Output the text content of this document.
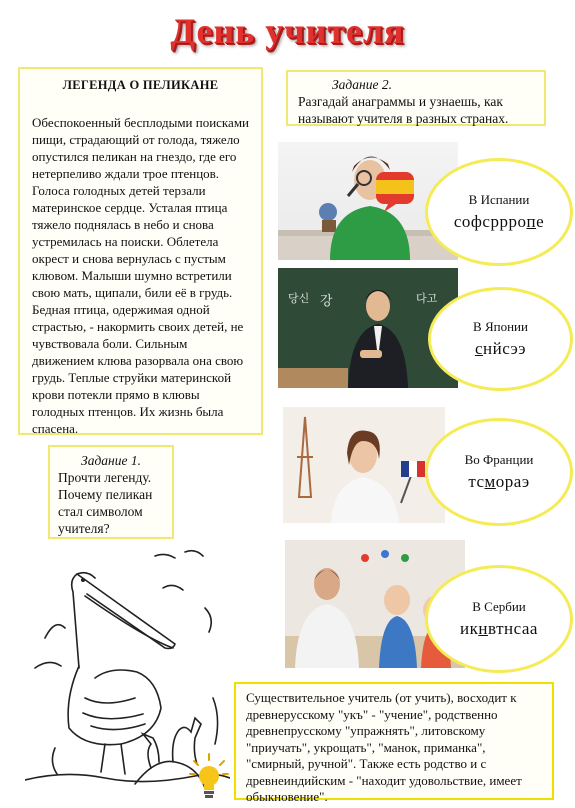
День учителя
ЛЕГЕНДА О ПЕЛИКАНЕ

Обеспокоенный бесплодыми поисками пищи, страдающий от голода, тяжело опустился пеликан на гнездо, где его нетерпеливо ждали трое птенцов. Голоса голодных детей терзали материнское сердце. Усталая птица тяжело поднялась в небо и снова устремилась на поиски. Облетела окрест и снова вернулась с пустым клювом. Малыши шумно встретили свою мать, щипали, били её в грудь. Бедная птица, одержимая одной страстью, - накормить своих детей, не чувствовала боли. Сильным движением клюва разорвала она свою грудь. Теплые струйки материнской крови потекли прямо в клювы голодных птенцов. Их жизнь была спасена.

Задание 1.
Прочти легенду. Почему пеликан стал символом учителя?
Задание 2.
Разгадай анаграммы и узнаешь, как называют учителя в разных странах.
당신 강	다고
В Испании
софсррропе
В Японии
снйсээ
Во Франции
тсмораэ
В Сербии
икнвтнсаа

Существительное учитель (от учить), восходит к древнерусскому "укъ" - "учение", родственно древнепрусскому "упражнять", литовскому "приучать", укрощать", "манок, приманка", "смирный, ручной". Также есть родство и с древнеиндийским - "находит удовольствие, имеет обыкновение".
